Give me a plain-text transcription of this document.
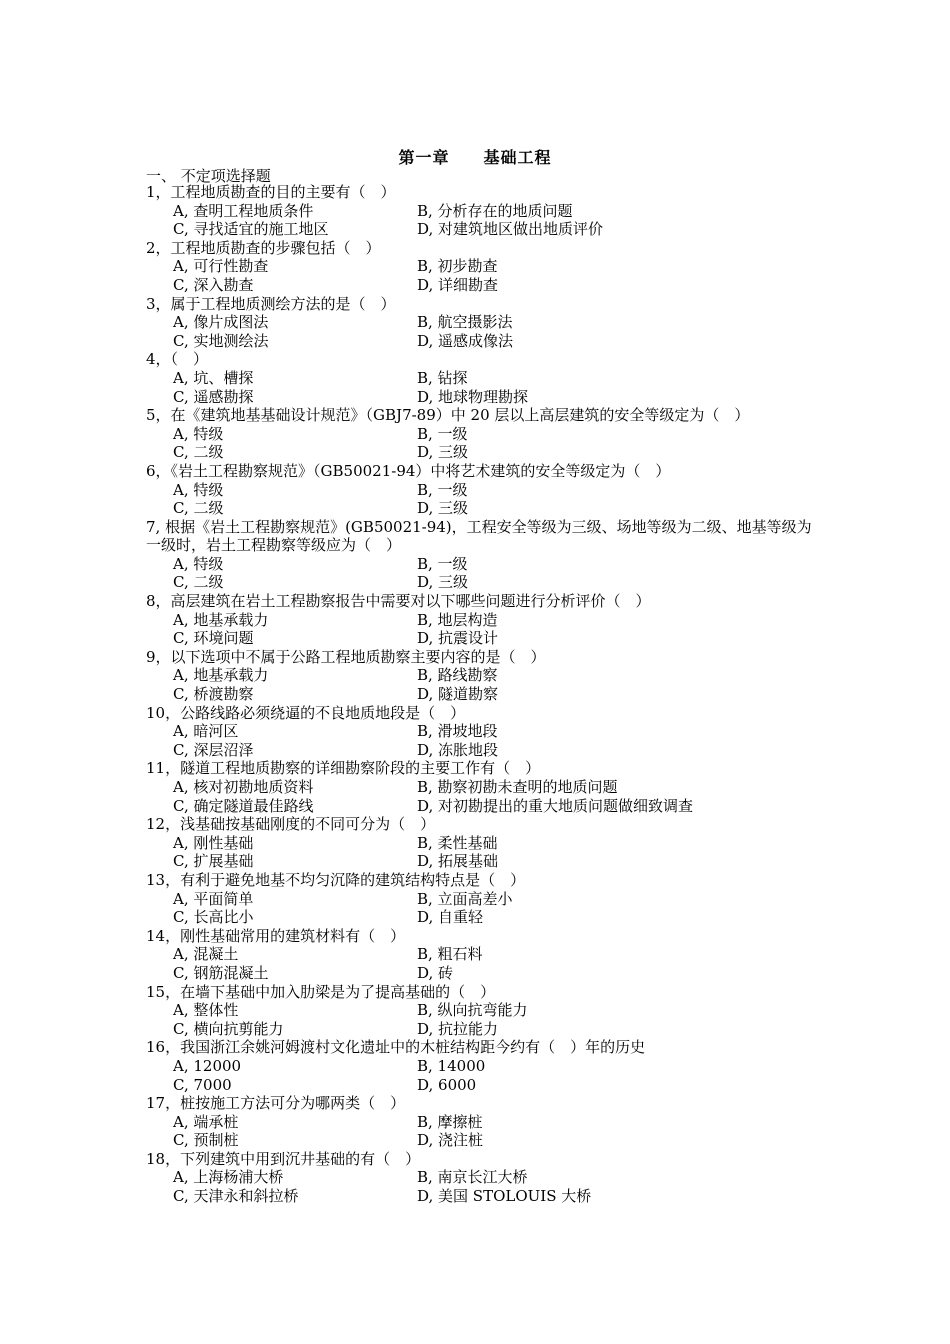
第一章　　基础工程
一、 不定项选择题
1，工程地质勘查的目的主要有（　）
A, 查明工程地质条件	B, 分析存在的地质问题
C, 寻找适宜的施工地区	D, 对建筑地区做出地质评价
2，工程地质勘查的步骤包括（　）
A, 可行性勘查	B, 初步勘查
C, 深入勘查	D, 详细勘查
3，属于工程地质测绘方法的是（　）
A, 像片成图法	B, 航空摄影法
C, 实地测绘法	D, 遥感成像法
4，（　）
A, 坑、槽探	B, 钻探
C, 遥感勘探	D, 地球物理勘探
5，在《建筑地基基础设计规范》（GBJ7-89）中 20 层以上高层建筑的安全等级定为（　）
A, 特级	B, 一级
C, 二级	D, 三级
6，《岩土工程勘察规范》（GB50021-94）中将艺术建筑的安全等级定为（　）
A, 特级	B, 一级
C, 二级	D, 三级
7, 根据《岩土工程勘察规范》(GB50021-94)，工程安全等级为三级、场地等级为二级、地基等级为一级时，岩土工程勘察等级应为（　）
A, 特级	B, 一级
C, 二级	D, 三级
8，高层建筑在岩土工程勘察报告中需要对以下哪些问题进行分析评价（　）
A, 地基承载力	B, 地层构造
C, 环境问题	D, 抗震设计
9，以下选项中不属于公路工程地质勘察主要内容的是（　）
A, 地基承载力	B, 路线勘察
C, 桥渡勘察	D, 隧道勘察
10，公路线路必须绕逼的不良地质地段是（　）
A, 暗河区	B, 滑坡地段
C, 深层沼泽	D, 冻胀地段
11，隧道工程地质勘察的详细勘察阶段的主要工作有（　）
A, 核对初勘地质资料	B, 勘察初勘未查明的地质问题
C, 确定隧道最佳路线	D, 对初勘提出的重大地质问题做细致调查
12，浅基础按基础刚度的不同可分为（　）
A, 刚性基础	B, 柔性基础
C, 扩展基础	D, 拓展基础
13，有利于避免地基不均匀沉降的建筑结构特点是（　）
A, 平面简单	B, 立面高差小
C, 长高比小	D, 自重轻
14，刚性基础常用的建筑材料有（　）
A, 混凝土	B, 粗石料
C, 钢筋混凝土	D, 砖
15，在墙下基础中加入肋梁是为了提高基础的（　）
A, 整体性	B, 纵向抗弯能力
C, 横向抗剪能力	D, 抗拉能力
16，我国浙江余姚河姆渡村文化遗址中的木桩结构距今约有（　）年的历史
A, 12000	B, 14000
C, 7000	D, 6000
17，桩按施工方法可分为哪两类（　）
A, 端承桩	B, 摩擦桩
C, 预制桩	D, 浇注桩
18，下列建筑中用到沉井基础的有（　）
A, 上海杨浦大桥	B, 南京长江大桥
C, 天津永和斜拉桥	D, 美国 STOLOUIS 大桥
